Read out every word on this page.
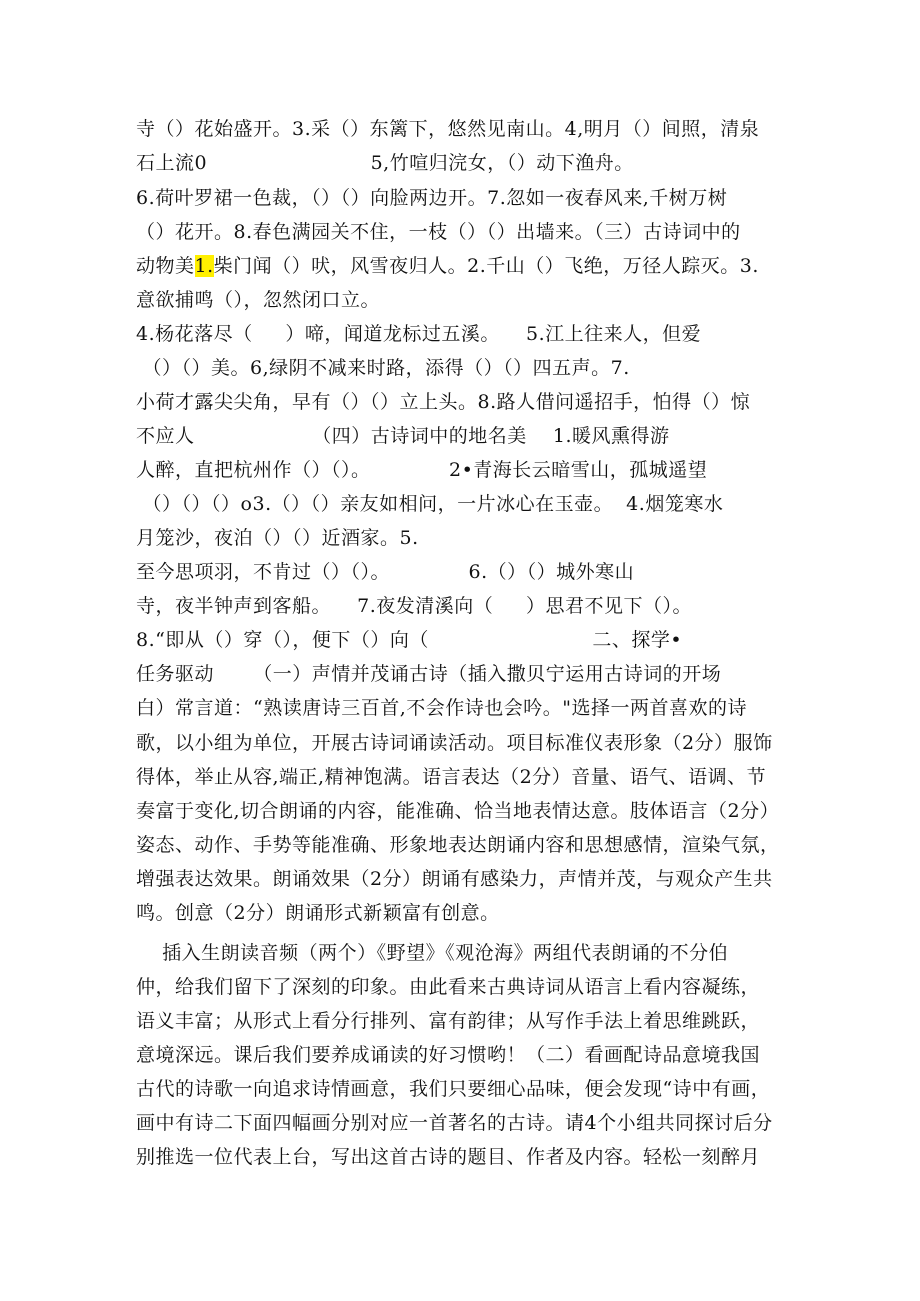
寺（）花始盛开。3.采（）东篱下，悠然见南山。4,明月（）间照，清泉
石上流0                         5,竹喧归浣女，（）动下渔舟。
6.荷叶罗裙一色裁，（）（）向脸两边开。7.忽如一夜春风来,千树万树
（）花开。8.春色满园关不住，一枝（）（）出墙来。（三）古诗词中的
动物美1.柴门闻（）吠，风雪夜归人。2.千山（）飞绝，万径人踪灭。3.
意欲捕鸣（），忽然闭口立。
4.杨花落尽（     ）啼，闻道龙标过五溪。    5.江上往来人，但爱
（）（）美。6,绿阴不减来时路，添得（）（）四五声。7.
小荷才露尖尖角，早有（）（）立上头。8.路人借问遥招手，怕得（）惊
不应人                  （四）古诗词中的地名美    1.暖风熏得游
人醉，直把杭州作（）（）。            2•青海长云暗雪山，孤城遥望
（）（）（）o3.（）（）亲友如相问，一片冰心在玉壶。  4.烟笼寒水
月笼沙，夜泊（）（）近酒家。5.
至今思项羽，不肯过（）（）。            6.（）（）城外寒山
寺，夜半钟声到客船。    7.夜发清溪向（     ）思君不见下（）。
8.“即从（）穿（），便下（）向（                         二、探学•
任务驱动      （一）声情并茂诵古诗（插入撒贝宁运用古诗词的开场
白）常言道：“熟读唐诗三百首,不会作诗也会吟。"选择一两首喜欢的诗
歌，以小组为单位，开展古诗词诵读活动。项目标准仪表形象（2分）服饰
得体，举止从容,端正,精神饱满。语言表达（2分）音量、语气、语调、节
奏富于变化,切合朗诵的内容，能准确、恰当地表情达意。肢体语言（2分）
姿态、动作、手势等能准确、形象地表达朗诵内容和思想感情，渲染气氛，
增强表达效果。朗诵效果（2分）朗诵有感染力，声情并茂，与观众产生共
鸣。创意（2分）朗诵形式新颖富有创意。
插入生朗读音频（两个）《野望》《观沧海》两组代表朗诵的不分伯
仲，给我们留下了深刻的印象。由此看来古典诗词从语言上看内容凝练，
语义丰富；从形式上看分行排列、富有韵律；从写作手法上着思维跳跃，
意境深远。课后我们要养成诵读的好习惯哟！（二）看画配诗品意境我国
古代的诗歌一向追求诗情画意，我们只要细心品味，便会发现“诗中有画，
画中有诗二下面四幅画分别对应一首著名的古诗。请4个小组共同探讨后分
别推选一位代表上台，写出这首古诗的题目、作者及内容。轻松一刻醉月
